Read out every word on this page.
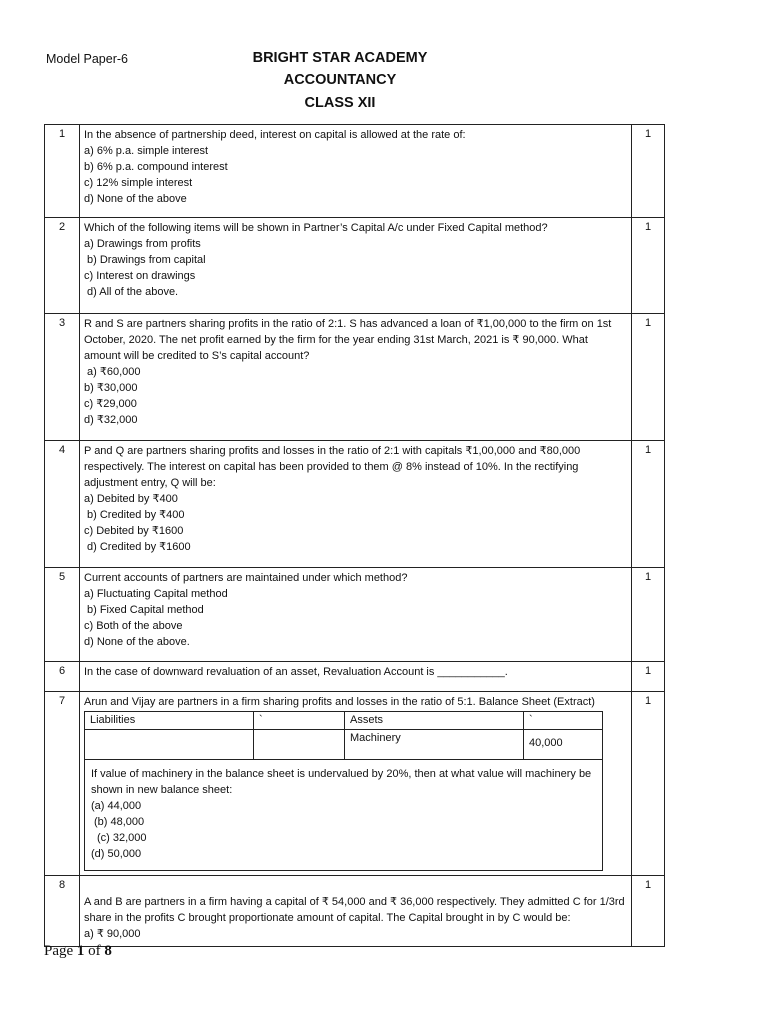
Model Paper-6	BRIGHT STAR ACADEMY
ACCOUNTANCY
CLASS XII
1	In the absence of partnership deed, interest on capital is allowed at the rate of:

a) 6% p.a. simple interest
b) 6% p.a. compound interest
c) 12% simple interest
d) None of the above
	1
2	Which of the following items will be shown in Partner’s Capital A/c under Fixed Capital method?

a) Drawings from profits
b) Drawings from capital
c) Interest on drawings
d) All of the above.
	1
3	R and S are partners sharing profits in the ratio of 2:1. S has advanced a loan of ₹1,00,000 to the firm on 1st October, 2020. The net profit earned by the firm for the year ending 31st March, 2021 is ₹ 90,000. What amount will be credited to S’s capital account?

a) ₹60,000
b) ₹30,000
c) ₹29,000
d) ₹32,000
	1
4	P and Q are partners sharing profits and losses in the ratio of 2:1 with capitals ₹1,00,000 and ₹80,000 respectively. The interest on capital has been provided to them @ 8% instead of 10%. In the rectifying adjustment entry, Q will be:

a) Debited by ₹400
b) Credited by ₹400
c) Debited by ₹1600
d) Credited by ₹1600
	1
5	Current accounts of partners are maintained under which method?

a) Fluctuating Capital method
b) Fixed Capital method
c) Both of the above
d) None of the above.
	1
6	In the case of downward revaluation of an asset, Revaluation Account is ___________.	1
7	Arun and Vijay are partners in a firm sharing profits and losses in the ratio of 5:1. Balance Sheet (Extract)

Liabilities	`	Assets	`
		Machinery	40,000

If value of machinery in the balance sheet is undervalued by 20%, then at what value will machinery be shown in new balance sheet:

(a) 44,000
(b) 48,000
(c) 32,000
(d) 50,000
	1
8	

A and B are partners in a firm having a capital of ₹ 54,000 and ₹ 36,000 respectively. They admitted C for 1/3rd share in the profits C brought proportionate amount of capital. The Capital brought in by C would be:

a) ₹ 90,000
	1
Page 1 of 8
